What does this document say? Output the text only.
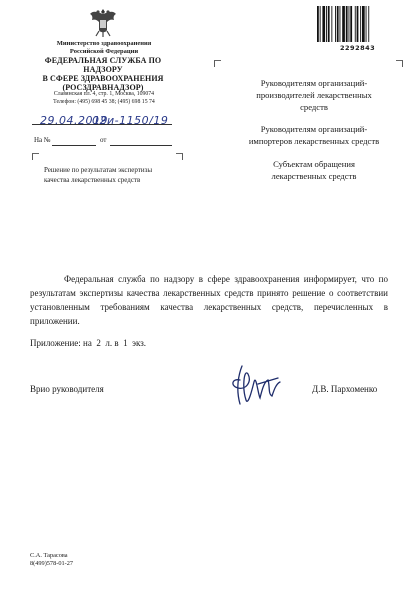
Министерство здравоохранения
Российской Федерации
ФЕДЕРАЛЬНАЯ СЛУЖБА ПО НАДЗОРУ
В СФЕРЕ ЗДРАВООХРАНЕНИЯ
(РОСЗДРАВНАДЗОР)
Славянская пл. 4, стр. 1, Москва, 109074
Телефон: (495) 698 45 38; (495) 698 15 74
29.04.2019
02и-1150/19
На №	от
Решение по результатам экспертизы
качества лекарственных средств
2292843
Руководителям организаций-
производителей лекарственных
средств
Руководителям организаций-
импортеров лекарственных средств
Субъектам обращения
лекарственных средств
Федеральная служба по надзору в сфере здравоохранения информирует, что по результатам экспертизы качества лекарственных средств принято решение о соответствии установленным требованиям качества лекарственных средств, перечисленных в приложении.
Приложение: на  2  л. в  1  экз.
Врио руководителя	Д.В. Пархоменко
С.А. Тарасова
8(499)578-01-27
